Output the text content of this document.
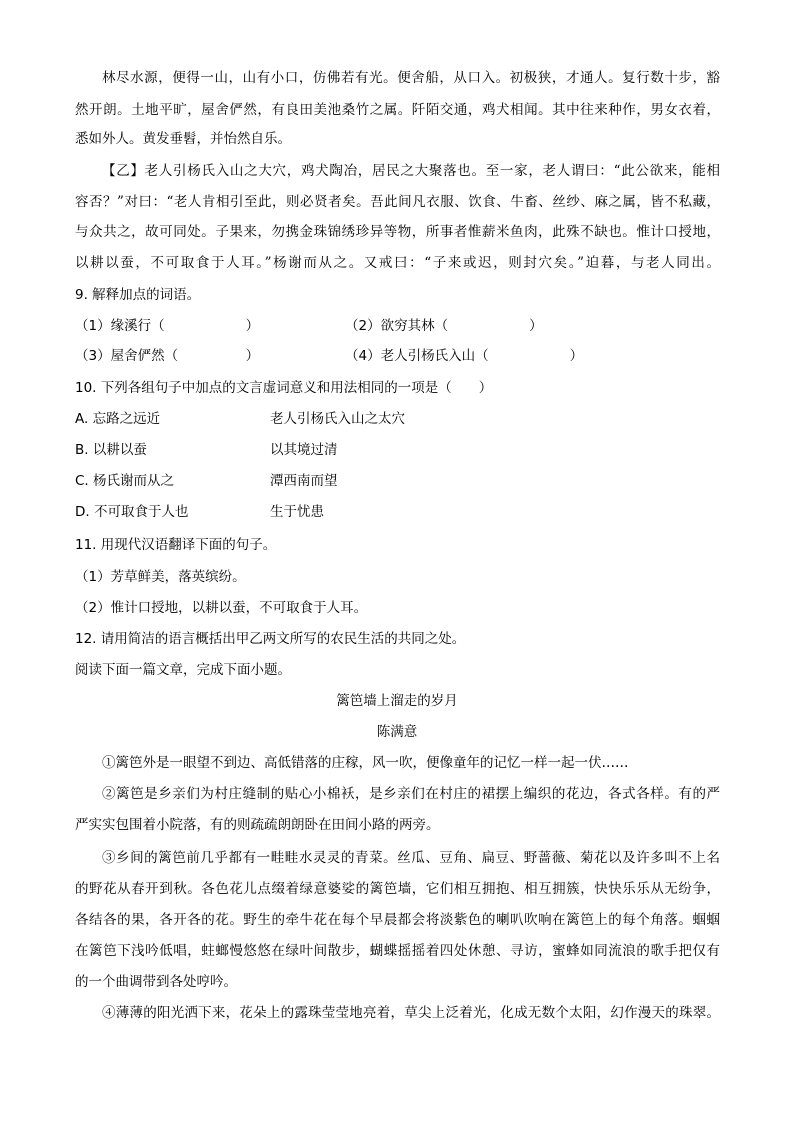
林尽水源，便得一山，山有小口，仿佛若有光。便舍船，从口入。初极狭，才通人。复行数十步，豁
然开朗。土地平旷，屋舍俨然，有良田美池桑竹之属。阡陌交通，鸡犬相闻。其中往来种作，男女衣着，
悉如外人。黄发垂髫，并怡然自乐。
【乙】老人引杨氏入山之大穴，鸡犬陶冶，居民之大聚落也。至一家，老人谓曰：“此公欲来，能相
容否？”对曰：“老人肯相引至此，则必贤者矣。吾此间凡衣服、饮食、牛畜、丝纱、麻之属，皆不私藏，
与众共之，故可同处。子果来，勿携金珠锦绣珍异等物，所事者惟薪米鱼肉，此殊不缺也。惟计口授地，
以耕以蚕，不可取食于人耳。”杨谢而从之。又戒曰：“子来或迟，则封穴矣。”迫暮，与老人同出。
9. 解释加点的词语。
（1）缘溪行（　　　　　　）	（2）欲穷其林（　　　　　　）
（3）屋舍俨然（　　　　　）	（4）老人引杨氏入山（　　　　　　）
10. 下列各组句子中加点的文言虚词意义和用法相同的一项是（　　）
A. 忘路之远近	老人引杨氏入山之太穴
B. 以耕以蚕	以其境过清
C. 杨氏谢而从之	潭西南而望
D. 不可取食于人也	生于忧患
11. 用现代汉语翻译下面的句子。
（1）芳草鲜美，落英缤纷。
（2）惟计口授地，以耕以蚕，不可取食于人耳。
12. 请用简洁的语言概括出甲乙两文所写的农民生活的共同之处。
阅读下面一篇文章，完成下面小题。
篱笆墙上溜走的岁月
陈满意
①篱笆外是一眼望不到边、高低错落的庄稼，风一吹，便像童年的记忆一样一起一伏……
②篱笆是乡亲们为村庄缝制的贴心小棉袄，是乡亲们在村庄的裙摆上编织的花边，各式各样。有的严
严实实包围着小院落，有的则疏疏朗朗卧在田间小路的两旁。
③乡间的篱笆前几乎都有一畦畦水灵灵的青菜。丝瓜、豆角、扁豆、野蔷薇、菊花以及许多叫不上名
的野花从春开到秋。各色花儿点缀着绿意婆娑的篱笆墙，它们相互拥抱、相互拥簇，快快乐乐从无纷争，
各结各的果，各开各的花。野生的牵牛花在每个早晨都会将淡紫色的喇叭吹响在篱笆上的每个角落。蝈蝈
在篱笆下浅吟低唱，蛀螂慢悠悠在绿叶间散步，蝴蝶摇摇着四处休憩、寻访，蜜蜂如同流浪的歌手把仅有
的一个曲调带到各处哼吟。
④薄薄的阳光洒下来，花朵上的露珠莹莹地亮着，草尖上泛着光，化成无数个太阳，幻作漫天的珠翠。
